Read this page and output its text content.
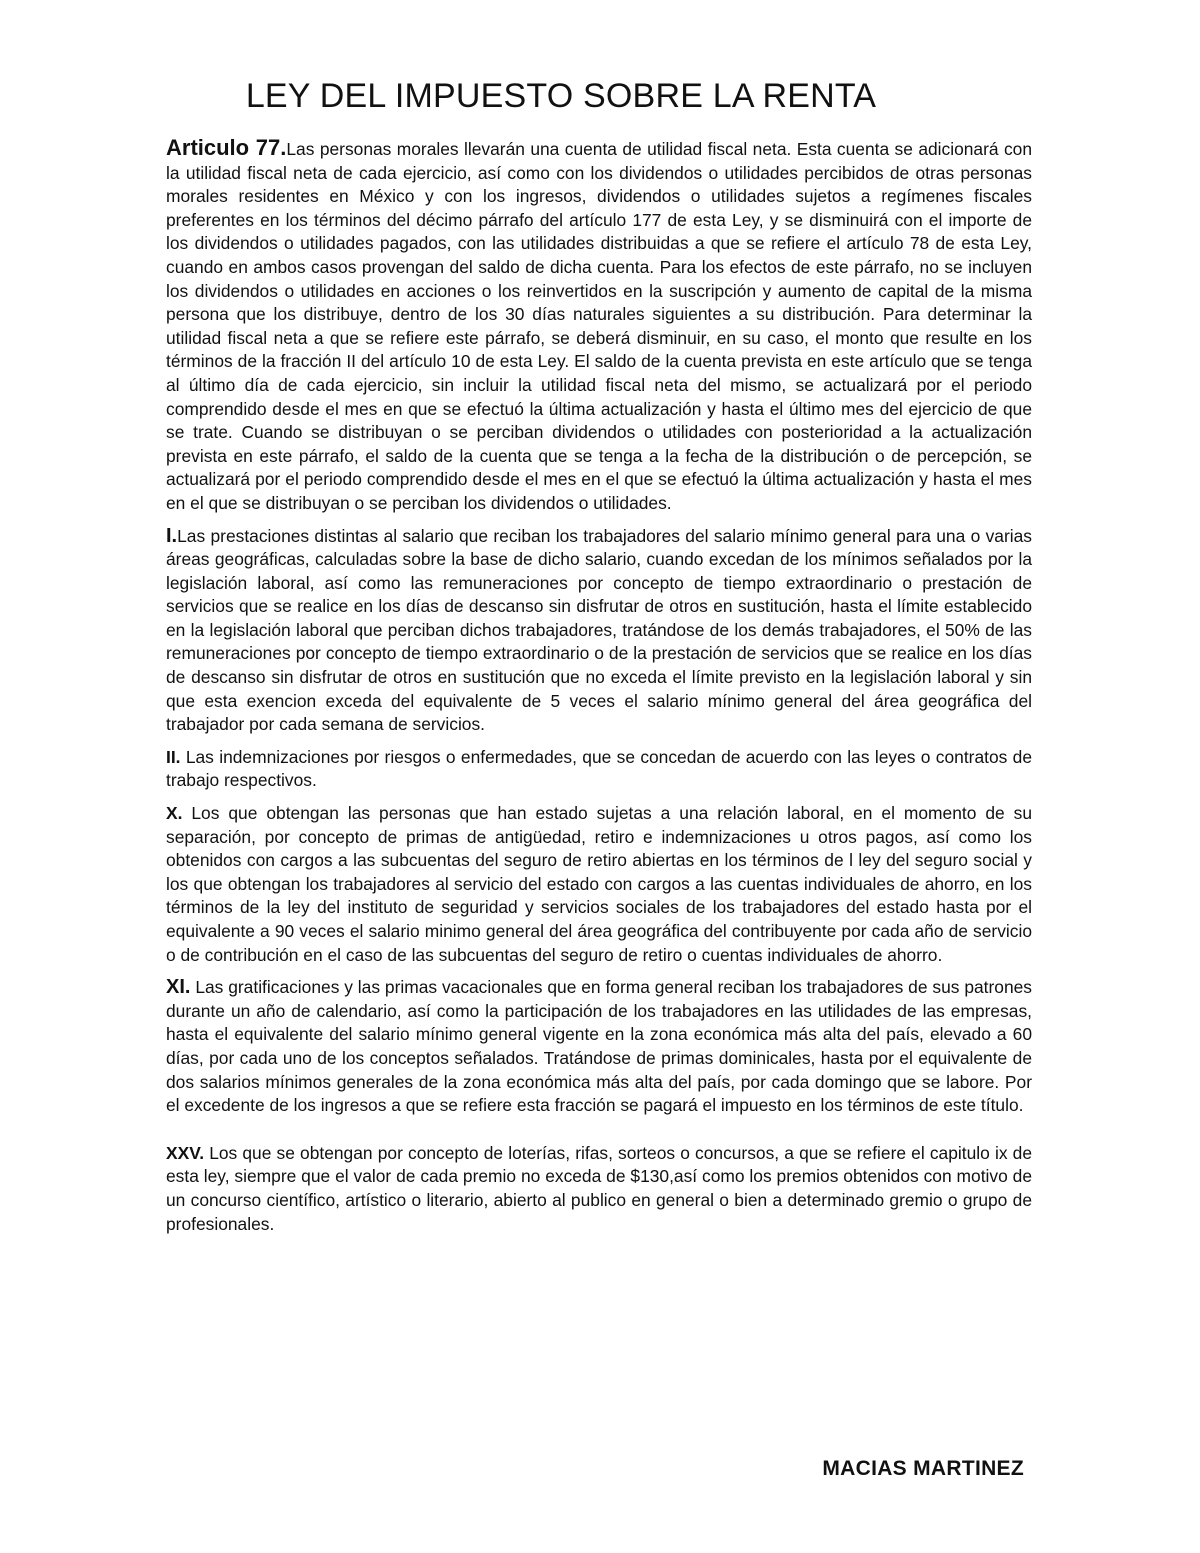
LEY DEL IMPUESTO SOBRE LA RENTA

Articulo 77.Las personas morales llevarán una cuenta de utilidad fiscal neta. Esta cuenta se adicionará con la utilidad fiscal neta de cada ejercicio, así como con los dividendos o utilidades percibidos de otras personas morales residentes en México y con los ingresos, dividendos o utilidades sujetos a regímenes fiscales preferentes en los términos del décimo párrafo del artículo 177 de esta Ley, y se disminuirá con el importe de los dividendos o utilidades pagados, con las utilidades distribuidas a que se refiere el artículo 78 de esta Ley, cuando en ambos casos provengan del saldo de dicha cuenta. Para los efectos de este párrafo, no se incluyen los dividendos o utilidades en acciones o los reinvertidos en la suscripción y aumento de capital de la misma persona que los distribuye, dentro de los 30 días naturales siguientes a su distribución. Para determinar la utilidad fiscal neta a que se refiere este párrafo, se deberá disminuir, en su caso, el monto que resulte en los términos de la fracción II del artículo 10 de esta Ley. El saldo de la cuenta prevista en este artículo que se tenga al último día de cada ejercicio, sin incluir la utilidad fiscal neta del mismo, se actualizará por el periodo comprendido desde el mes en que se efectuó la última actualización y hasta el último mes del ejercicio de que se trate. Cuando se distribuyan o se perciban dividendos o utilidades con posterioridad a la actualización prevista en este párrafo, el saldo de la cuenta que se tenga a la fecha de la distribución o de percepción, se actualizará por el periodo comprendido desde el mes en el que se efectuó la última actualización y hasta el mes en el que se distribuyan o se perciban los dividendos o utilidades.

I.Las prestaciones distintas al salario que reciban los trabajadores del salario mínimo general para una o varias áreas geográficas, calculadas sobre la base de dicho salario, cuando excedan de los mínimos señalados por la legislación laboral, así como las remuneraciones por concepto de tiempo extraordinario o prestación de servicios que se realice en los días de descanso sin disfrutar de otros en sustitución, hasta el límite establecido en la legislación laboral que perciban dichos trabajadores, tratándose de los demás trabajadores, el 50% de las remuneraciones por concepto de tiempo extraordinario o de la prestación de servicios que se realice en los días de descanso sin disfrutar de otros en sustitución que no exceda el límite previsto en la legislación laboral y sin que esta exencion exceda del equivalente de 5 veces el salario mínimo general del área geográfica del trabajador por cada semana de servicios.

II. Las indemnizaciones por riesgos o enfermedades, que se concedan de acuerdo con las leyes o contratos de trabajo respectivos.

X. Los que obtengan las personas que han estado sujetas a una relación laboral, en el momento de su separación, por concepto de primas de antigüedad, retiro e indemnizaciones u otros pagos, así como los obtenidos con cargos a las subcuentas del seguro de retiro abiertas en los términos de l ley del seguro social y los que obtengan los trabajadores al servicio del estado con cargos a las cuentas individuales de ahorro, en los términos de la ley del instituto de seguridad y servicios sociales de los trabajadores del estado hasta por el equivalente a 90 veces el salario minimo general del área geográfica del contribuyente por cada año de servicio o de contribución en el caso de las subcuentas del seguro de retiro o cuentas individuales de ahorro.

XI. Las gratificaciones y las primas vacacionales que en forma general reciban los trabajadores de sus patrones durante un año de calendario, así como la participación de los trabajadores en las utilidades de las empresas, hasta el equivalente del salario mínimo general vigente en la zona económica más alta del país, elevado a 60 días, por cada uno de los conceptos señalados. Tratándose de primas dominicales, hasta por el equivalente de dos salarios mínimos generales de la zona económica más alta del país, por cada domingo que se labore. Por el excedente de los ingresos a que se refiere esta fracción se pagará el impuesto en los términos de este título.

XXV. Los que se obtengan por concepto de loterías, rifas, sorteos o concursos, a que se refiere el capitulo ix de esta ley, siempre que el valor de cada premio no exceda de $130,así como los premios obtenidos con motivo de un concurso científico, artístico o literario, abierto al publico en general o bien a determinado gremio o grupo de profesionales.

MACIAS MARTINEZ
